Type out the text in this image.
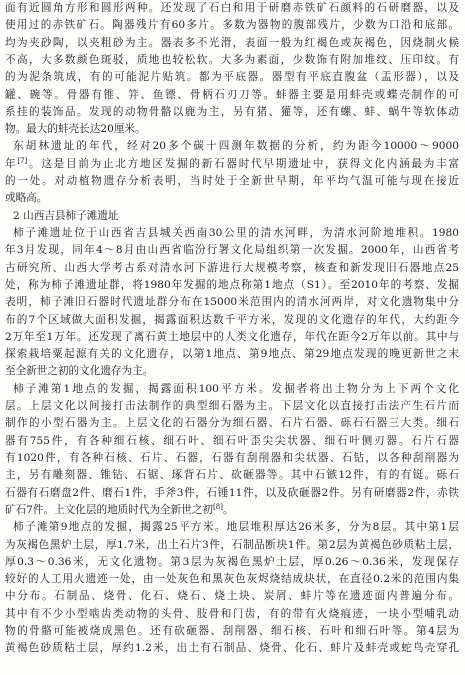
面有近圆角方形和圆形两种。还发现了石白和用于研磨赤铁矿石颜料的石研磨器，以及
使用过的赤铁矿石。陶器残片有60多片。多数为器物的腹部残片，少数为口沿和底部。
均为夹砂陶，以夹粗砂为主。器表多不光滑，表面一般为红褐色或灰褐色，因烧制火候
不高，大多数颜色斑驳，质地也较松软。大多为素面，少数饰有附加堆纹、压印纹。有
的为泥条筑成，有的可能泥片贴筑。都为平底器。器型有平底直腹盆（盂形器），以及
罐、碗等。骨器有锥、笄、鱼镖、骨柄石刃刀等。蚌器主要是用蚌壳或蝶壳制作的可
系挂的装饰品。发现的动物骨骼以鹿为主，另有猪、獾等，还有螺、蚌、蜗牛等软体动
物。最大的蚌壳长达20厘米。
东胡林遗址的年代，经对20多个碳十四测年数据的分析，约为距今10000～9000
年[7]。这是目前为止北方地区发掘的新石器时代早期遗址中，获得文化内涵最为丰富
的一处。对动植物遗存分析表明，当时处于全新世早期，年平均气温可能与现在接近
或略高。
2 山西吉县柿子滩遗址
柿子滩遗址位于山西省吉县城关西南30公里的清水河畔，为清水河阶地堆积。1980
年3月发现，同年4～8月由山西省临汾行署文化局组织第一次发掘。2000年，山西省考
古研究所、山西大学考古系对清水河下游进行大规模考察，核查和新发现旧石器地点25
处，称为柿子滩遗址群，将1980年发掘的地点称第1地点（S1）。至2010年的考察、发掘
表明，柿子滩旧石器时代遗址群分布在15000米范围内的清水河两岸，对文化遗物集中分
布的7个区域做大面积发掘，揭露面积达数千平方米，发现的文化遗存的年代，大约距今
2万年至1万年。还发现了离石黄土地层中的人类文化遗存，年代在距今2万年以前。其中与
探索栽培粟起源有关的文化遗存，以第1地点、第9地点、第29地点发现的晚更新世之末
至全新世之初的文化遗存为主。
柿子滩第1地点的发掘，揭露面积100平方米。发掘者将出土物分为上下两个文化
层。上层文化以间接打击法制作的典型细石器为主。下层文化以直接打击法产生石片而
制作的小型石器为主。上层文化的石器分为细石器、石片石器、砾石石器三大类。细石
器有755件，有各种细石核、细石叶、细石叶歪尖尖状器、细石叶侧刃器。石片石器
有1020件，有各种石核、石片、石器，石器有刮削器和尖状器、石钻，以各种刮削器为
主，另有雕刻器、锥钻、石锯、琢背石片、砍砸器等。其中石镞12件，有的有铤。砾石
石器有石磨盘2件、磨石1件，手斧3件，石锤11件，以及砍砸器2件。另有研磨器2件，赤铁
矿石7件。上文化层的地质时代为全新世之初[8]。
柿子滩第9地点的发掘，揭露25平方米。地层堆积厚达26米多，分为8层。其中第1层
为灰褐色黑炉土层，厚1.7米，出土石片3件，石制品断块1件。第2层为黄褐色砂质粘土层，
厚0.3～0.36米，无文化遗物。第3层为灰褐色黑炉土层，厚0.26～0.36米，发现保存
较好的人工用火遗迹一处，由一处灰色和黑灰色灰烬烧结成块状，在直径0.2米的范围内集
中分布。石制品、烧骨、化石、烧石、烧土块、炭屑、蚌片等在遗迹面内普遍分布。
其中有不少小型啮齿类动物的头骨、肢骨和门齿，有的带有火烧痕迹，一块小型哺乳动
物的骨骼可能被烧成黑色。还有砍砸器、刮削器、细石核、石叶和细石叶等。第4层为
黄褐色砂质粘土层，厚约1.2米，出土有石制品、烧骨、化石、蚌片及蚌壳或蛇鸟壳穿孔
